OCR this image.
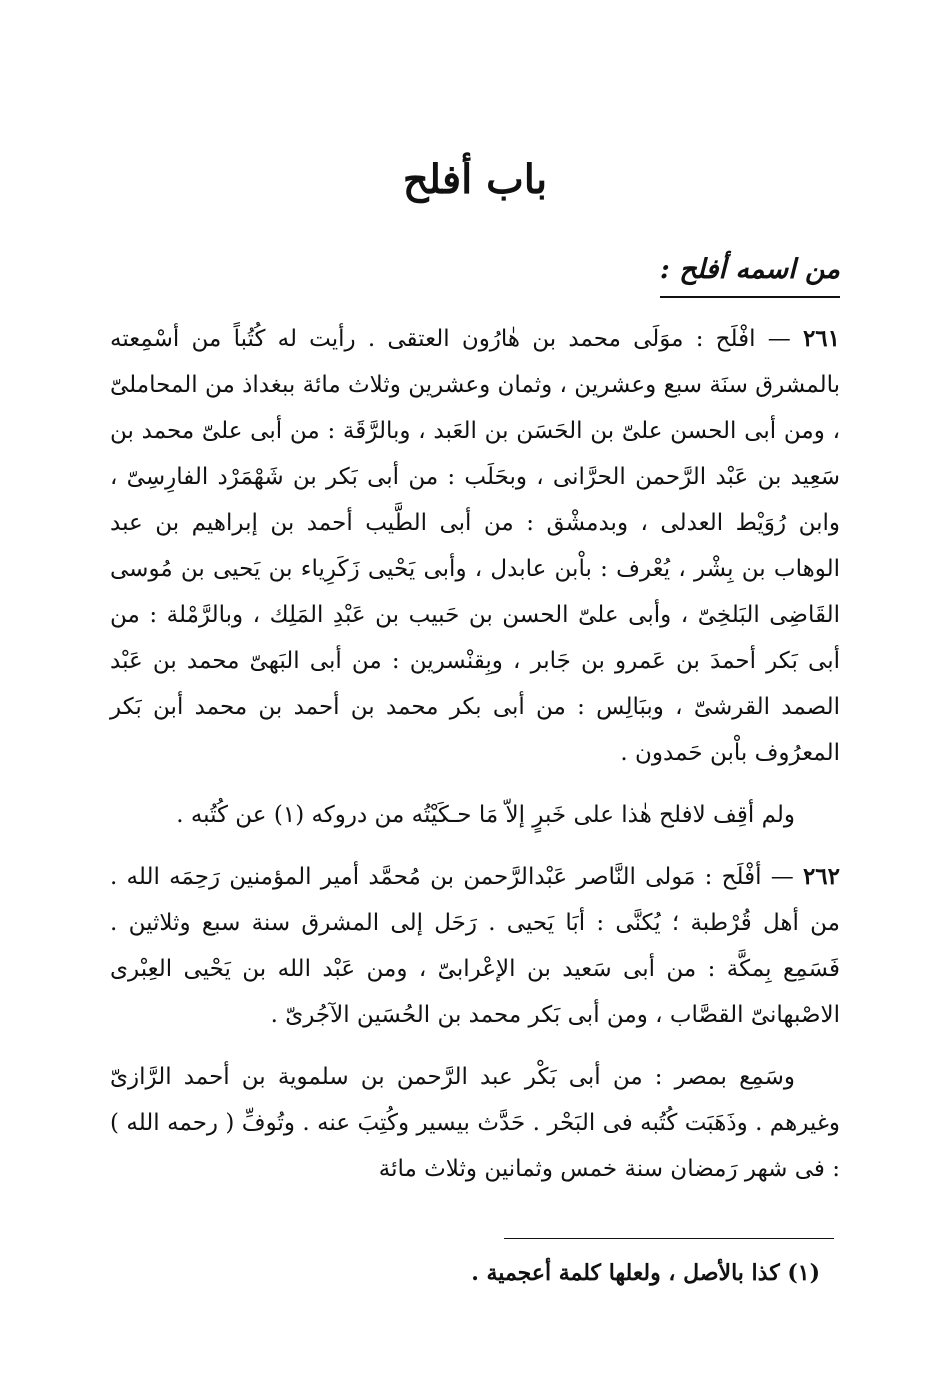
باب أفلح
من اسمه أفلح :

٢٦١ — افْلَح : موَلَى محمد بن هٰارُون العتقى . رأيت له كُتُباً من أسْمِعته بالمشرق سنَة سبع وعشرين ، وثمان وعشرين وثلاث مائة ببغداذ من المحاملىّ ، ومن أبى الحسن علىّ بن الحَسَن بن العَبد ، وبالرَّقَة : من أبى علىّ محمد بن سَعِيد بن عَبْد الرَّحمن الحرَّانى ، وبحَلَب : من أبى بَكر بن شَهْمَرْد الفارِسِىّ ، وابن رُوَيْط العدلى ، وبدمشْق : من أبى الطَّيب أحمد بن إبراهيم بن عبد الوهاب بن بِشْر ، يُعْرف : باْبن عابدل ، وأبى يَحْيى زَكَرِياء بن يَحيى بن مُوسى القَاضِى البَلخِىّ ، وأبى علىّ الحسن بن حَبيب بن عَبْدِ المَلِك ، وبالرَّمْلة : من أبى بَكر أحمدَ بن عَمرو بن جَابر ، وبِقنْسرين : من أبى البَهىّ محمد بن عَبْد الصمد القرشىّ ، وببَالِس : من أبى بكر محمد بن أحمد بن محمد أبن بَكر المعرُوف باْبن حَمدون .

ولم أقِف لافلح هٰذا على خَبرٍ إلاّ مَا حـكَيْتُه من دروكه (١) عن كُتُبه .

٢٦٢ — أفْلَح : مَولى النَّاصر عَبْدالرَّحمن بن مُحمَّد أمير المؤمنين رَحِمَه الله . من أهل قُرْطبة ؛ يُكنَّى : أبَا يَحيى . رَحَل إلى المشرق سنة سبع وثلاثين . فَسَمِع بِمكَّة : من أبى سَعيد بن الإعْرابىّ ، ومن عَبْد الله بن يَحْيى العِبْرى الاصْبهانىّ القصَّاب ، ومن أبى بَكر محمد بن الحُسَين الآجُرىّ .

وسَمِع بمصر : من أبى بَكْر عبد الرَّحمن بن سلموية بن أحمد الرَّازىّ وغيرهم . وذَهَبَت كُتُبه فى البَحْر . حَدَّث بيسير وكُتِبَ عنه . وتُوفِّ ( رحمه الله ) : فى شهر رَمضان سنة خمس وثمانين وثلاث مائة

(١) كذا بالأصل ، ولعلها كلمة أعجمية .
